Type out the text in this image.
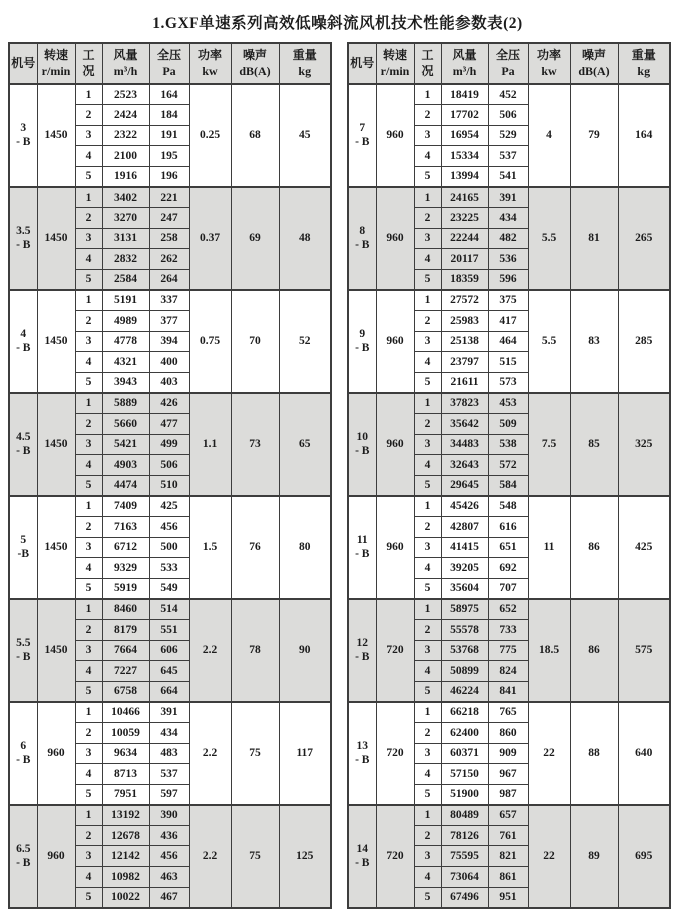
1.GXF单速系列高效低噪斜流风机技术性能参数表(2)
机号

转速
r/min

工
况

风量
m³/h

全压
Pa

功率
kw

噪声
dB(A)

重量
kg

3
- B	1450	1	2523	164	0.25	68	45
		2	2424	184			
		3	2322	191			
		4	2100	195			
		5	1916	196			

3.5
- B	1450	1	3402	221	0.37	69	48
		2	3270	247			
		3	3131	258			
		4	2832	262			
		5	2584	264			

4
- B	1450	1	5191	337	0.75	70	52
		2	4989	377			
		3	4778	394			
		4	4321	400			
		5	3943	403			

4.5
- B	1450	1	5889	426	1.1	73	65
		2	5660	477			
		3	5421	499			
		4	4903	506			
		5	4474	510			

5
-B	1450	1	7409	425	1.5	76	80
		2	7163	456			
		3	6712	500			
		4	9329	533			
		5	5919	549			

5.5
- B	1450	1	8460	514	2.2	78	90
		2	8179	551			
		3	7664	606			
		4	7227	645			
		5	6758	664			

6
- B	960	1	10466	391	2.2	75	117
		2	10059	434			
		3	9634	483			
		4	8713	537			
		5	7951	597			

6.5
- B	960	1	13192	390	2.2	75	125
		2	12678	436			
		3	12142	456			
		4	10982	463			
		5	10022	467			
机号

转速
r/min

工
况

风量
m³/h

全压
Pa

功率
kw

噪声
dB(A)

重量
kg

7
- B	960	1	18419	452	4	79	164
		2	17702	506			
		3	16954	529			
		4	15334	537			
		5	13994	541			

8
- B	960	1	24165	391	5.5	81	265
		2	23225	434			
		3	22244	482			
		4	20117	536			
		5	18359	596			

9
- B	960	1	27572	375	5.5	83	285
		2	25983	417			
		3	25138	464			
		4	23797	515			
		5	21611	573			

10
- B	960	1	37823	453	7.5	85	325
		2	35642	509			
		3	34483	538			
		4	32643	572			
		5	29645	584			

11
- B	960	1	45426	548	11	86	425
		2	42807	616			
		3	41415	651			
		4	39205	692			
		5	35604	707			

12
- B	720	1	58975	652	18.5	86	575
		2	55578	733			
		3	53768	775			
		4	50899	824			
		5	46224	841			

13
- B	720	1	66218	765	22	88	640
		2	62400	860			
		3	60371	909			
		4	57150	967			
		5	51900	987			

14
- B	720	1	80489	657	22	89	695
		2	78126	761			
		3	75595	821			
		4	73064	861			
		5	67496	951			
